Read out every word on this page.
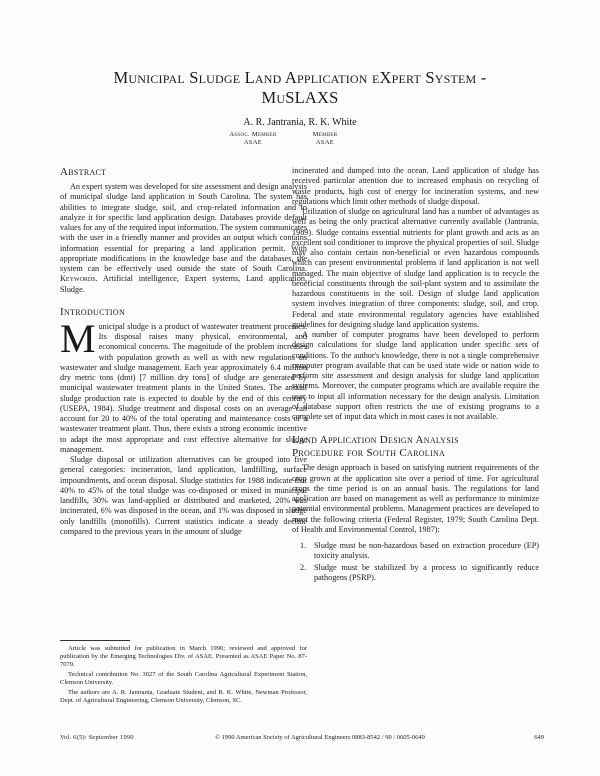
Municipal Sludge Land Application eXpert System -
MuSLAXS
A. R. Jantrania, R. K. White
Assoc. Member
ASAE
Member
ASAE
Abstract

An expert system was developed for site assessment and design analysis of municipal sludge land application in South Carolina. The system has abilities to integrate sludge, soil, and crop-related information and to analyze it for specific land application design. Databases provide default values for any of the required input information. The system communicates with the user in a friendly manner and provides an output which contains information essential for preparing a land application permit. With appropriate modifications in the knowledge base and the databases, the system can be effectively used outside the state of South Carolina. Keywords. Artificial intelligence, Expert systems, Land application, Sludge.

Introduction

Municipal sludge is a product of wastewater treatment processes. Its disposal raises many physical, environmental, and economical concerns. The magnitude of the problem increases with population growth as well as with new regulations on wastewater and sludge management. Each year approximately 6.4 million dry metric tons (dmt) [7 million dry tons] of sludge are generated by municipal wastewater treatment plants in the United States. The annual sludge production rate is expected to double by the end of this century (USEPA, 1984). Sludge treatment and disposal costs on an average can account for 20 to 40% of the total operating and maintenance costs of a wastewater treatment plant. Thus, there exists a strong economic incentive to adapt the most appropriate and cost effective alternative for sludge management.

Sludge disposal or utilization alternatives can be grouped into five general categories: incineration, land application, landfilling, surface impoundments, and ocean disposal. Sludge statistics for 1988 indicate that 40% to 45% of the total sludge was co-disposed or mixed in municipal landfills, 30% was land-applied or distributed and marketed, 20% was incinerated, 6% was disposed in the ocean, and 1% was disposed in sludge only landfills (monofills). Current statistics indicate a steady decline compared to the previous years in the amount of sludge

incinerated and dumped into the ocean. Land application of sludge has received particular attention due to increased emphasis on recycling of waste products, high cost of energy for incineration systems, and new regulations which limit other methods of sludge disposal.

Utilization of sludge on agricultural land has a number of advantages as well as being the only practical alternative currently available (Jantrania, 1989). Sludge contains essential nutrients for plant growth and acts as an excellent soil conditioner to improve the physical properties of soil. Sludge may also contain certain non-beneficial or even hazardous compounds which can present environmental problems if land application is not well managed. The main objective of sludge land application is to recycle the beneficial constituents through the soil-plant system and to assimilate the hazardous constituents in the soil. Design of sludge land application system involves integration of three components: sludge, soil, and crop. Federal and state environmental regulatory agencies have established guidelines for designing sludge land application systems.

A number of computer programs have been developed to perform design calculations for sludge land application under specific sets of conditions. To the author's knowledge, there is not a single comprehensive computer program available that can be used state wide or nation wide to perform site assessment and design analysis for sludge land application systems. Moreover, the computer programs which are available require the user to input all information necessary for the design analysis. Limitation of database support often restricts the use of existing programs to a complete set of input data which in most cases is not available.

Land Application Design Analysis
Procedure for South Carolina

The design approach is based on satisfying nutrient requirements of the crop grown at the application site over a period of time. For agricultural crops the time period is on an annual basis. The regulations for land application are based on management as well as performance to minimize potential environmental problems. Management practices are developed to meet the following criteria (Federal Register, 1979; South Carolina Dept. of Health and Environmental Control, 1987):

1. Sludge must be non-hazardous based on extraction procedure (EP) toxicity analysis.
2. Sludge must be stabilized by a process to significantly reduce pathogens (PSRP).

Article was submitted for publication in March 1990; reviewed and approved for publication by the Emerging Technologies Div. of ASAE. Presented as ASAE Paper No. 87-7079.

Technical contribution No. 3027 of the South Carolina Agricultural Experiment Station, Clemson University.

The authors are A. R. Jantrania, Graduate Student, and R. K. White, Newman Professor, Dept. of Agricultural Engineering, Clemson University, Clemson, SC.

Vol. 6(5): September 1990	© 1990 American Society of Agricultural Engineers 0883-8542 / 90 / 0605-0649	649
